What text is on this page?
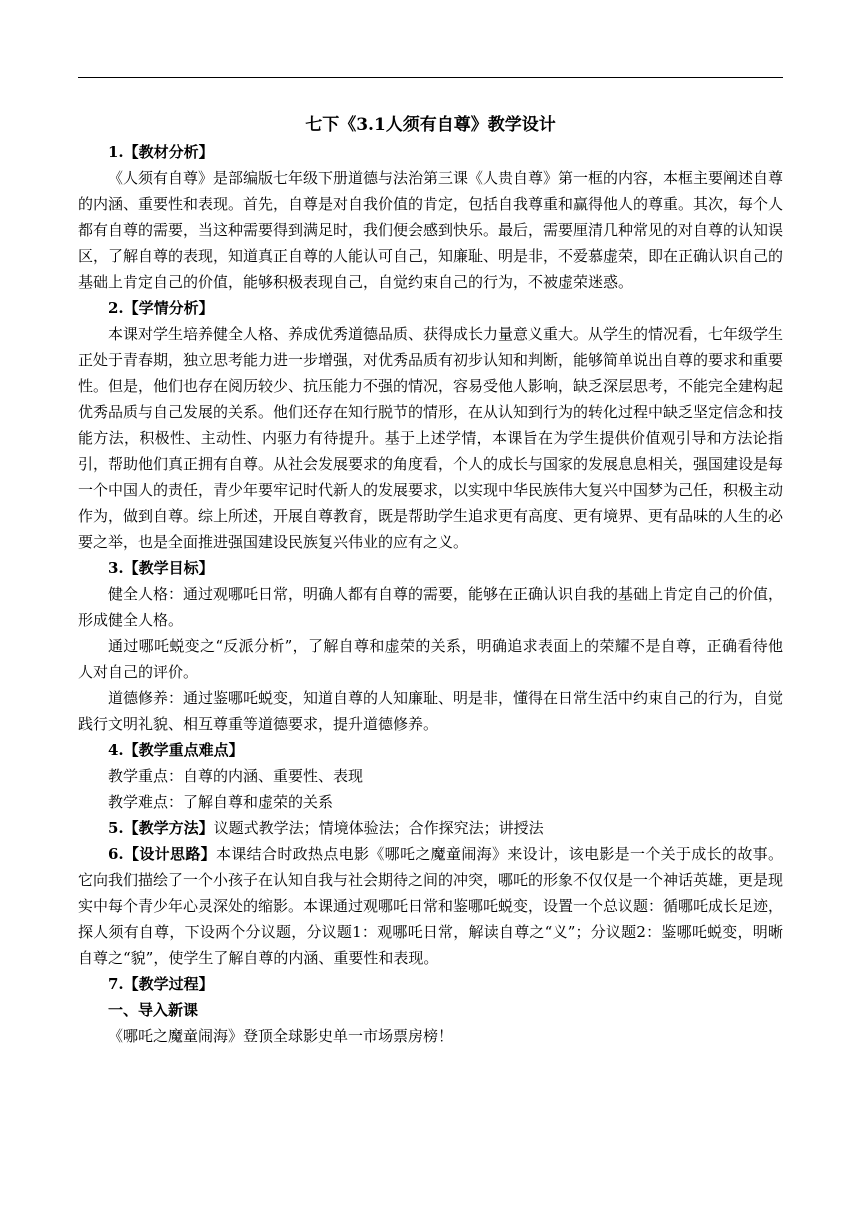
七下《3.1人须有自尊》教学设计

1.【教材分析】

《人须有自尊》是部编版七年级下册道德与法治第三课《人贵自尊》第一框的内容，本框主要阐述自尊的内涵、重要性和表现。首先，自尊是对自我价值的肯定，包括自我尊重和赢得他人的尊重。其次，每个人都有自尊的需要，当这种需要得到满足时，我们便会感到快乐。最后，需要厘清几种常见的对自尊的认知误区，了解自尊的表现，知道真正自尊的人能认可自己，知廉耻、明是非，不爱慕虚荣，即在正确认识自己的基础上肯定自己的价值，能够积极表现自己，自觉约束自己的行为，不被虚荣迷惑。

2.【学情分析】

本课对学生培养健全人格、养成优秀道德品质、获得成长力量意义重大。从学生的情况看，七年级学生正处于青春期，独立思考能力进一步增强，对优秀品质有初步认知和判断，能够简单说出自尊的要求和重要性。但是，他们也存在阅历较少、抗压能力不强的情况，容易受他人影响，缺乏深层思考，不能完全建构起优秀品质与自己发展的关系。他们还存在知行脱节的情形，在从认知到行为的转化过程中缺乏坚定信念和技能方法，积极性、主动性、内驱力有待提升。基于上述学情，本课旨在为学生提供价值观引导和方法论指引，帮助他们真正拥有自尊。从社会发展要求的角度看，个人的成长与国家的发展息息相关，强国建设是每一个中国人的责任，青少年要牢记时代新人的发展要求，以实现中华民族伟大复兴中国梦为己任，积极主动作为，做到自尊。综上所述，开展自尊教育，既是帮助学生追求更有高度、更有境界、更有品味的人生的必要之举，也是全面推进强国建设民族复兴伟业的应有之义。

3.【教学目标】

健全人格：通过观哪吒日常，明确人都有自尊的需要，能够在正确认识自我的基础上肯定自己的价值，形成健全人格。

通过哪吒蜕变之“反派分析”，了解自尊和虚荣的关系，明确追求表面上的荣耀不是自尊，正确看待他人对自己的评价。

道德修养：通过鉴哪吒蜕变，知道自尊的人知廉耻、明是非，懂得在日常生活中约束自己的行为，自觉践行文明礼貌、相互尊重等道德要求，提升道德修养。

4.【教学重点难点】

教学重点：自尊的内涵、重要性、表现

教学难点：了解自尊和虚荣的关系

5.【教学方法】议题式教学法；情境体验法；合作探究法；讲授法

6.【设计思路】本课结合时政热点电影《哪吒之魔童闹海》来设计，该电影是一个关于成长的故事。它向我们描绘了一个小孩子在认知自我与社会期待之间的冲突，哪吒的形象不仅仅是一个神话英雄，更是现实中每个青少年心灵深处的缩影。本课通过观哪吒日常和鉴哪吒蜕变，设置一个总议题：循哪吒成长足迹，探人须有自尊，下设两个分议题，分议题1：观哪吒日常，解读自尊之“义”；分议题2：鉴哪吒蜕变，明晰自尊之“貌”，使学生了解自尊的内涵、重要性和表现。

7.【教学过程】

一、导入新课

《哪吒之魔童闹海》登顶全球影史单一市场票房榜！
